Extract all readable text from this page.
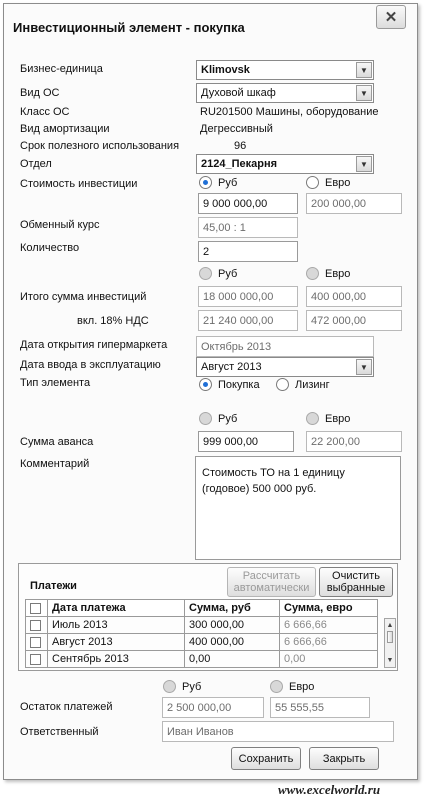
Инвестиционный элемент - покупка
✕
Бизнес-единица	Klimovsk	▼
Вид ОС	Духовой шкаф	▼
Класс ОС	RU201500 Машины, оборудование
Вид амортизации	Дегрессивный
Срок полезного использования	96
Отдел	2124_Пекарня	▼
Стоимость инвестиции	Руб	Евро
9 000 000,00	200 000,00
Обменный курс	45,00 : 1
Количество	2
Руб	Евро
Итого сумма инвестиций	18 000 000,00	400 000,00
вкл. 18% НДС	21 240 000,00	472 000,00
Дата открытия гипермаркета	Октябрь 2013
Дата ввода в эксплуатацию	Август 2013	▼
Тип элемента	Покупка	Лизинг
Руб	Евро
Сумма аванса	999 000,00	22 200,00
Комментарий
Стоимость ТО на 1 единицу (годовое) 500 000 руб.
Платежи
Рассчитать автоматически
Очистить выбранные
	Дата платежа	Сумма, руб	Сумма, евро
	Июль 2013	300 000,00	6 666,66
	Август 2013	400 000,00	6 666,66
	Сентябрь 2013	0,00	0,00
▲
▼
Руб	Евро
Остаток платежей	2 500 000,00	55 555,55
Ответственный	Иван Иванов
Сохранить	Закрыть
www.excelworld.ru
